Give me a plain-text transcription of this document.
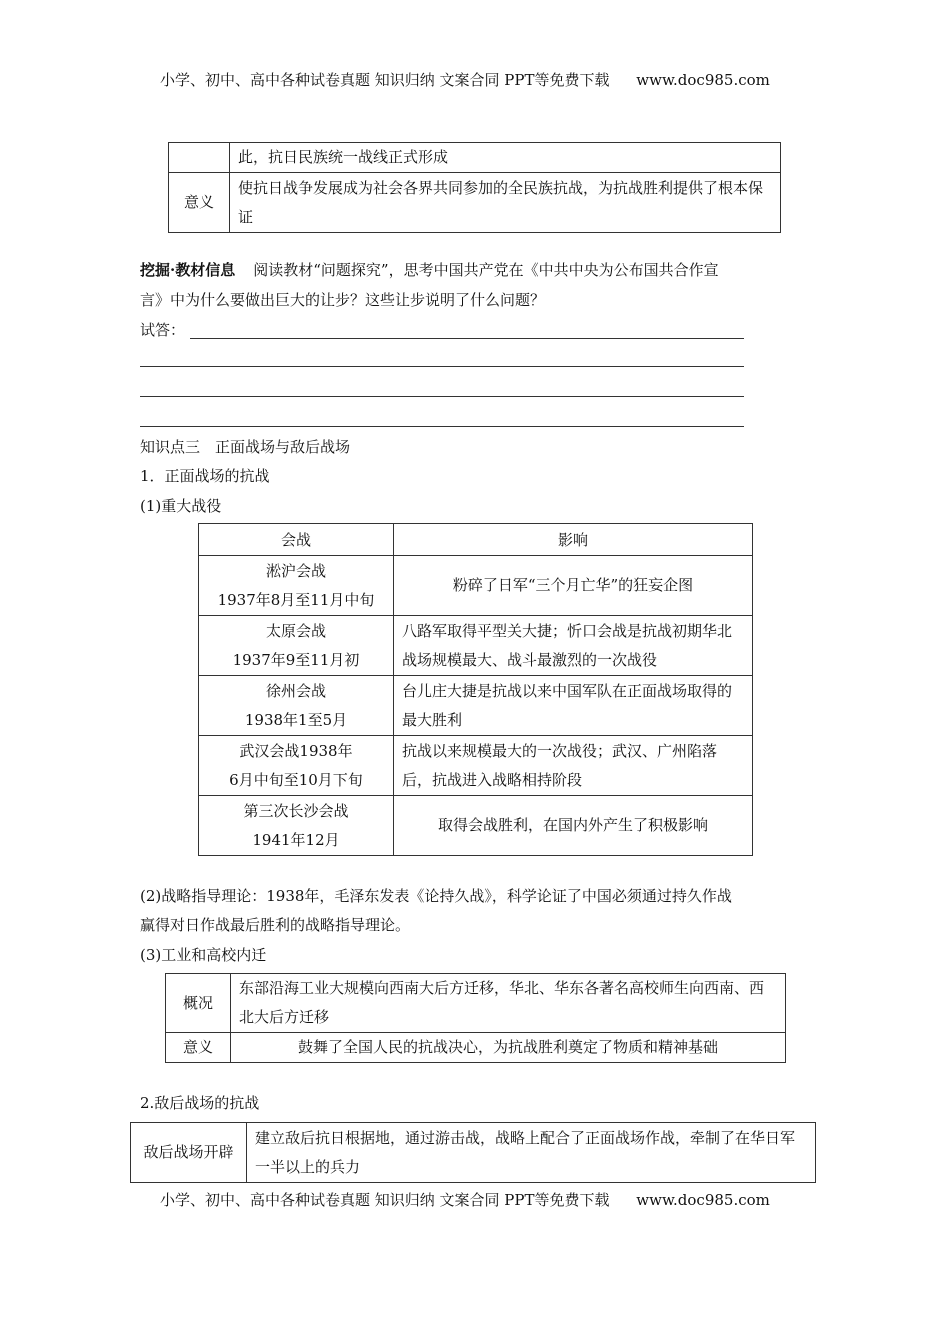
小学、初中、高中各种试卷真题 知识归纳 文案合同 PPT等免费下载 www.doc985.com
	此，抗日民族统一战线正式形成
意义	使抗日战争发展成为社会各界共同参加的全民族抗战，为抗战胜利提供了根本保证
挖掘·教材信息 阅读教材“问题探究”，思考中国共产党在《中共中央为公布国共合作宣
言》中为什么要做出巨大的让步？这些让步说明了什么问题？
试答：
知识点三　正面战场与敌后战场
1．正面战场的抗战
(1)重大战役
会战	影响

淞沪会战
1937年8月至11月中旬	粉碎了日军“三个月亡华”的狂妄企图

太原会战
1937年9至11月初	八路军取得平型关大捷；忻口会战是抗战初期华北战场规模最大、战斗最激烈的一次战役

徐州会战
1938年1至5月	台儿庄大捷是抗战以来中国军队在正面战场取得的最大胜利

武汉会战1938年
6月中旬至10月下旬	抗战以来规模最大的一次战役；武汉、广州陷落后，抗战进入战略相持阶段

第三次长沙会战
1941年12月	取得会战胜利，在国内外产生了积极影响
(2)战略指导理论：1938年，毛泽东发表《论持久战》，科学论证了中国必须通过持久作战
赢得对日作战最后胜利的战略指导理论。
(3)工业和高校内迁
概况	东部沿海工业大规模向西南大后方迁移，华北、华东各著名高校师生向西南、西北大后方迁移
意义	鼓舞了全国人民的抗战决心，为抗战胜利奠定了物质和精神基础
2.敌后战场的抗战
敌后战场开辟	建立敌后抗日根据地，通过游击战，战略上配合了正面战场作战，牵制了在华日军一半以上的兵力
小学、初中、高中各种试卷真题 知识归纳 文案合同 PPT等免费下载 www.doc985.com
